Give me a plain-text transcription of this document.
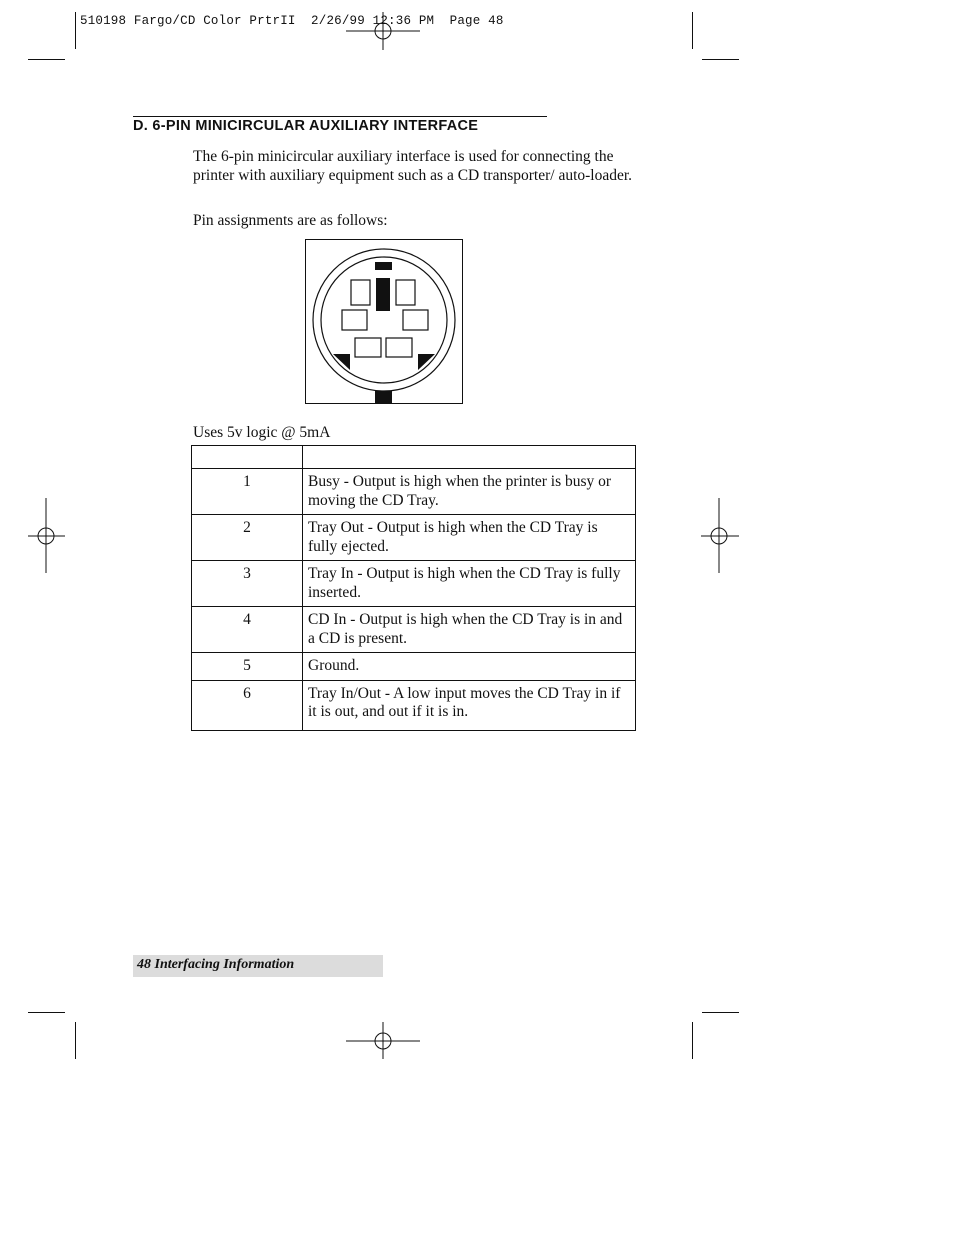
510198 Fargo/CD Color PrtrII  2/26/99 12:36 PM  Page 48
D. 6-PIN MINICIRCULAR AUXILIARY INTERFACE
The 6-pin minicircular auxiliary interface is used for connecting the printer with auxiliary equipment such as a CD transporter/ auto-loader.
Pin assignments are as follows:
Uses 5v logic @ 5mA

1	Busy - Output is high when the printer is busy or moving the CD Tray.
2	Tray Out - Output is high when the CD Tray is fully ejected.
3	Tray In - Output is high when the CD Tray is fully inserted.
4	CD In - Output is high when the CD Tray is in and a CD is present.
5	Ground.
6	Tray In/Out - A low input moves the CD Tray in if it is out, and out if it is in.
48 Interfacing Information
